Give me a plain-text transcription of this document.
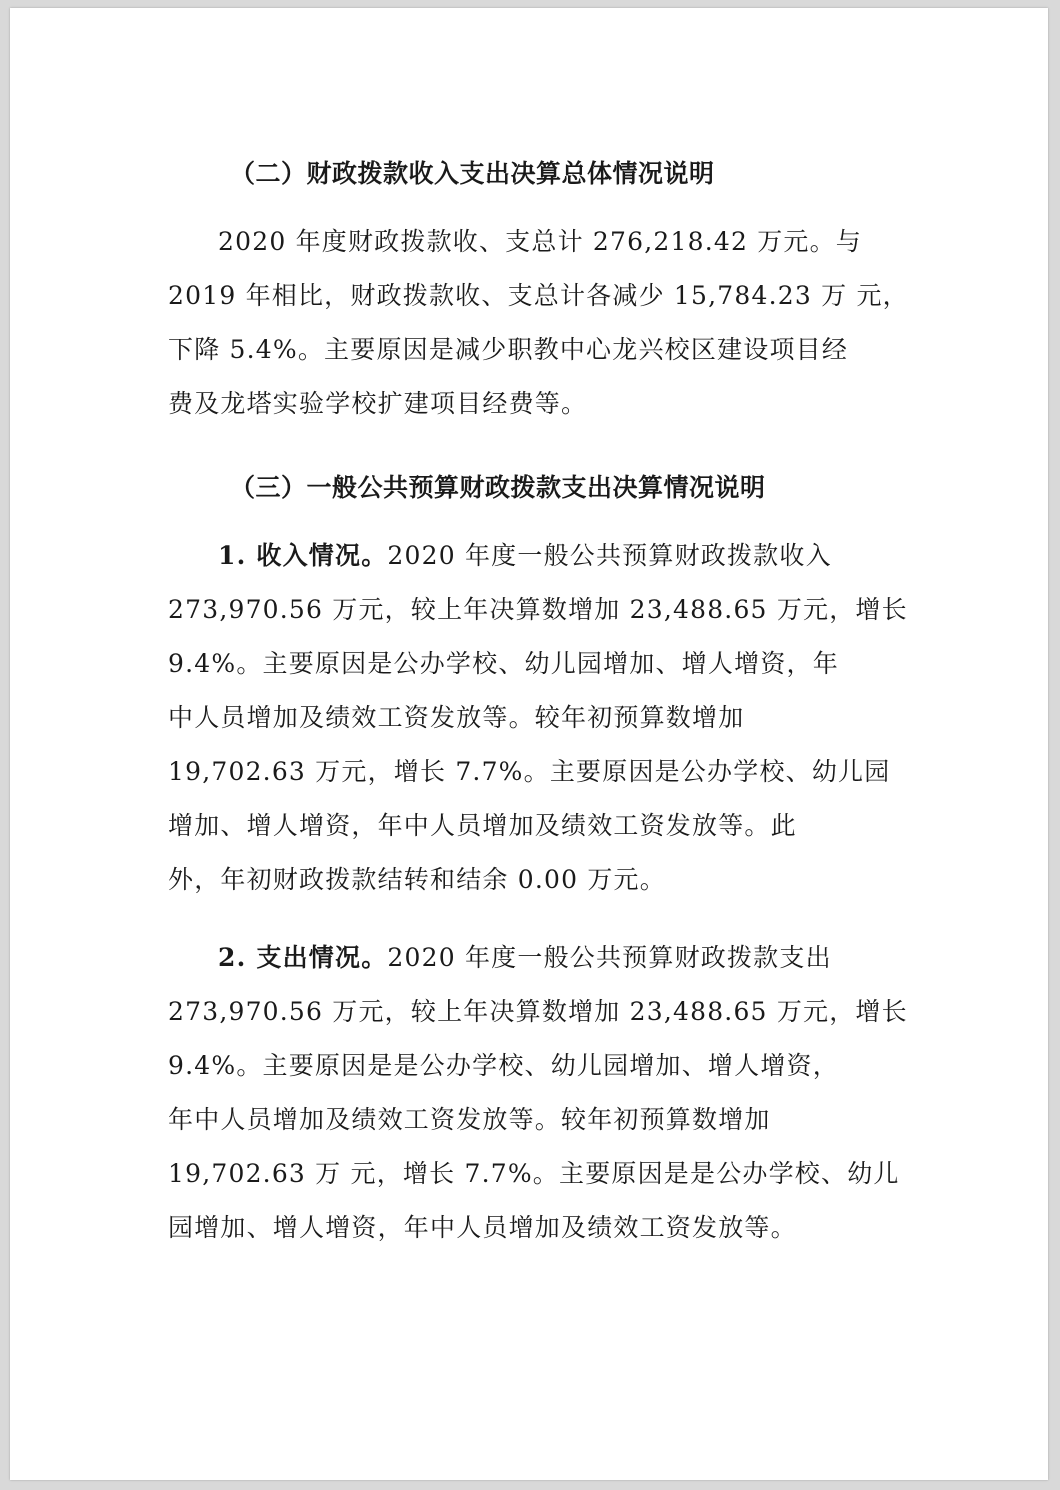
（二）财政拨款收入支出决算总体情况说明

2020 年度财政拨款收、支总计 276,218.42 万元。与

2019 年相比，财政拨款收、支总计各减少 15,784.23 万 元，

下降 5.4%。主要原因是减少职教中心龙兴校区建设项目经

费及龙塔实验学校扩建项目经费等。

（三）一般公共预算财政拨款支出决算情况说明

1. 收入情况。2020 年度一般公共预算财政拨款收入

273,970.56 万元，较上年决算数增加 23,488.65 万元，增长

9.4%。主要原因是公办学校、幼儿园增加、增人增资，年

中人员增加及绩效工资发放等。较年初预算数增加

19,702.63 万元，增长 7.7%。主要原因是公办学校、幼儿园

增加、增人增资，年中人员增加及绩效工资发放等。此

外，年初财政拨款结转和结余 0.00 万元。

2. 支出情况。2020 年度一般公共预算财政拨款支出

273,970.56 万元，较上年决算数增加 23,488.65 万元，增长

9.4%。主要原因是是公办学校、幼儿园增加、增人增资，

年中人员增加及绩效工资发放等。较年初预算数增加

19,702.63 万 元，增长 7.7%。主要原因是是公办学校、幼儿

园增加、增人增资，年中人员增加及绩效工资发放等。
